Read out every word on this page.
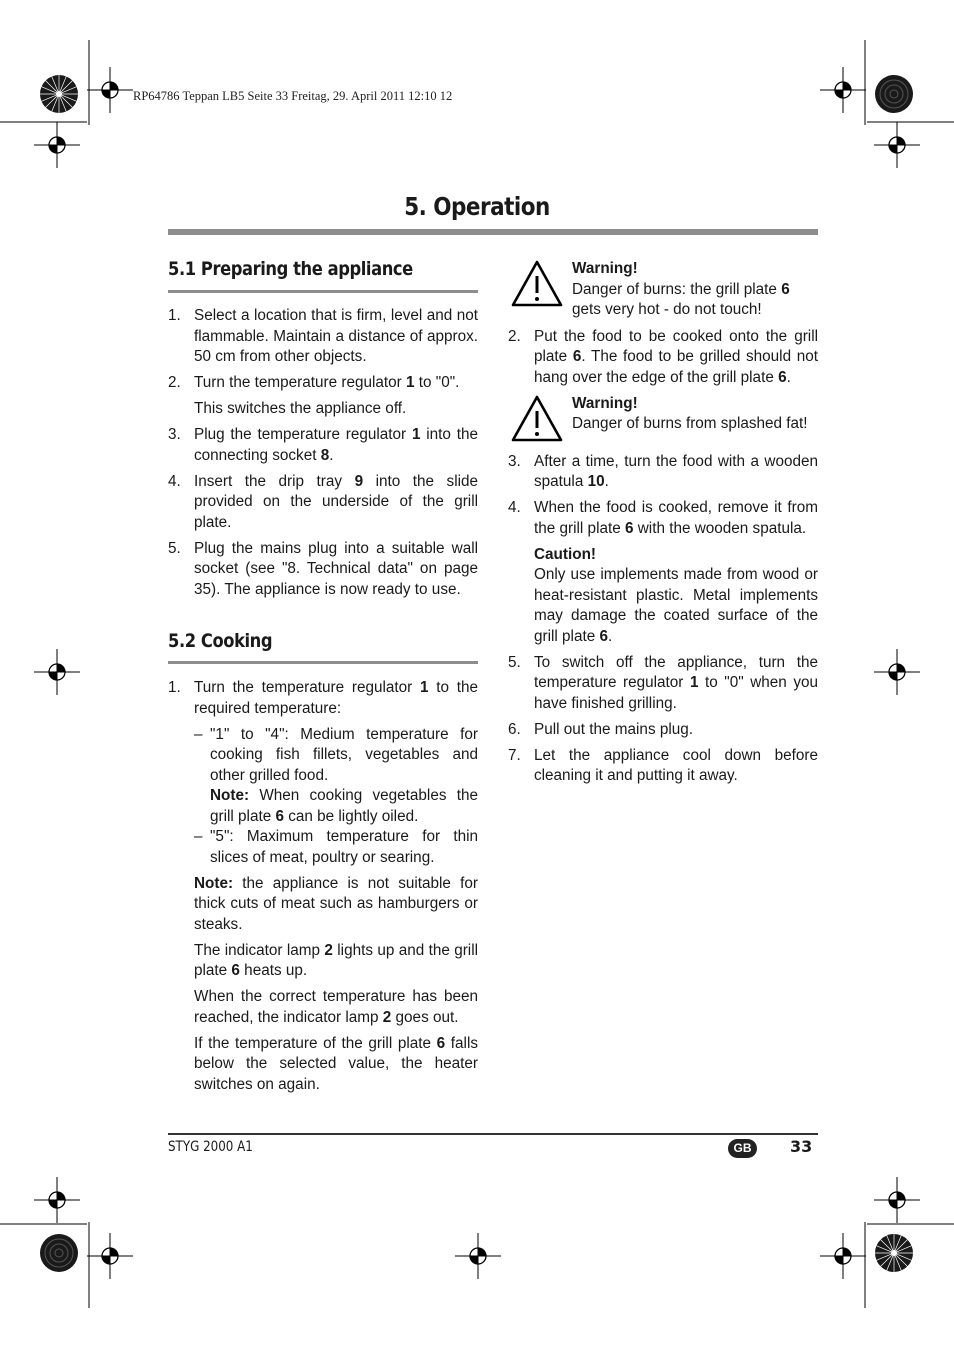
RP64786 Teppan LB5 Seite 33 Freitag, 29. April 2011 12:10 12
5. Operation
5.1 Preparing the appliance
1. Select a location that is firm, level and not flammable. Maintain a distance of approx. 50 cm from other objects.
2. Turn the temperature regulator 1 to "0".
This switches the appliance off.
3. Plug the temperature regulator 1 into the connecting socket 8.
4. Insert the drip tray 9 into the slide provided on the underside of the grill plate.
5. Plug the mains plug into a suitable wall socket (see "8. Technical data" on page 35). The appliance is now ready to use.
5.2 Cooking
1. Turn the temperature regulator 1 to the required temperature:
– "1" to "4": Medium temperature for cooking fish fillets, vegetables and other grilled food.
Note: When cooking vegetables the grill plate 6 can be lightly oiled.
– "5": Maximum temperature for thin slices of meat, poultry or searing.
Note: the appliance is not suitable for thick cuts of meat such as hamburgers or steaks.
The indicator lamp 2 lights up and the grill plate 6 heats up.
When the correct temperature has been reached, the indicator lamp 2 goes out.
If the temperature of the grill plate 6 falls below the selected value, the heater switches on again.
Warning!
Danger of burns: the grill plate 6 gets very hot - do not touch!
2. Put the food to be cooked onto the grill plate 6. The food to be grilled should not hang over the edge of the grill plate 6.
Warning!
Danger of burns from splashed fat!
3. After a time, turn the food with a wooden spatula 10.
4. When the food is cooked, remove it from the grill plate 6 with the wooden spatula.
Caution!
Only use implements made from wood or heat-resistant plastic. Metal implements may damage the coated surface of the grill plate 6.
5. To switch off the appliance, turn the temperature regulator 1 to "0" when you have finished grilling.
6. Pull out the mains plug.
7. Let the appliance cool down before cleaning it and putting it away.
STYG 2000 A1	GB	33
